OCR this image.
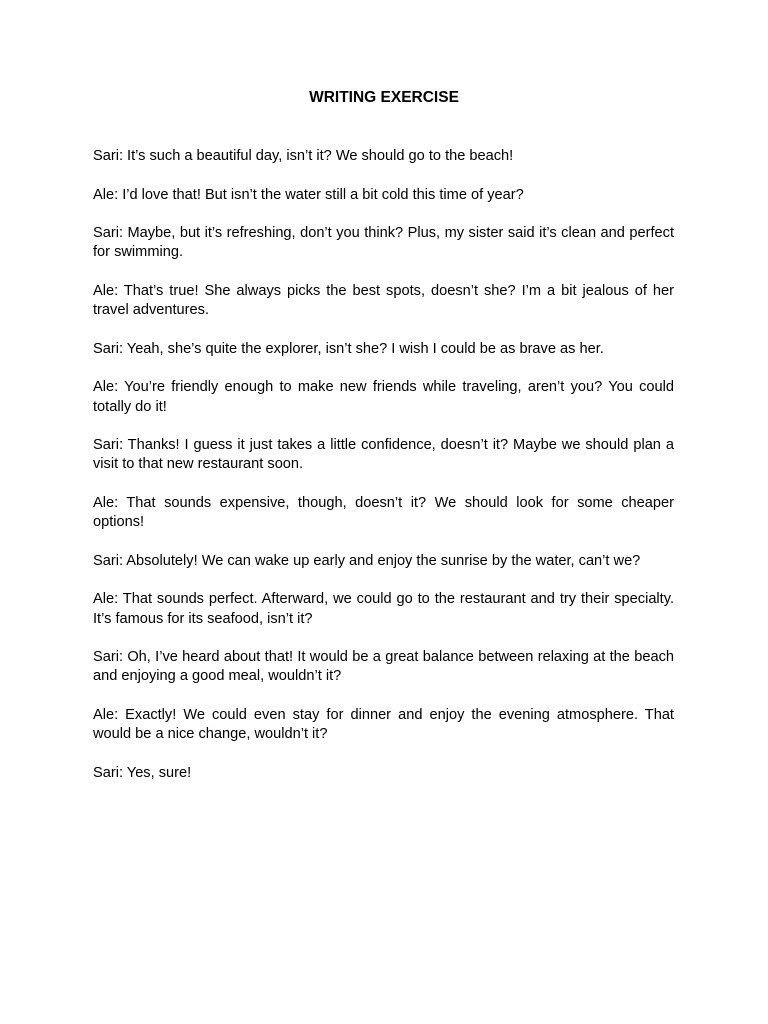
WRITING EXERCISE

Sari: It’s such a beautiful day, isn’t it? We should go to the beach!

Ale: I’d love that! But isn’t the water still a bit cold this time of year?

Sari: Maybe, but it’s refreshing, don’t you think? Plus, my sister said it’s clean and perfect for swimming.

Ale: That’s true! She always picks the best spots, doesn’t she? I’m a bit jealous of her travel adventures.

Sari: Yeah, she’s quite the explorer, isn’t she? I wish I could be as brave as her.

Ale: You’re friendly enough to make new friends while traveling, aren’t you? You could totally do it!

Sari: Thanks! I guess it just takes a little confidence, doesn’t it? Maybe we should plan a visit to that new restaurant soon.

Ale: That sounds expensive, though, doesn’t it? We should look for some cheaper options!

Sari: Absolutely! We can wake up early and enjoy the sunrise by the water, can’t we?

Ale: That sounds perfect. Afterward, we could go to the restaurant and try their specialty. It’s famous for its seafood, isn’t it?

Sari: Oh, I’ve heard about that! It would be a great balance between relaxing at the beach and enjoying a good meal, wouldn’t it?

Ale: Exactly! We could even stay for dinner and enjoy the evening atmosphere. That would be a nice change, wouldn’t it?

Sari: Yes, sure!
